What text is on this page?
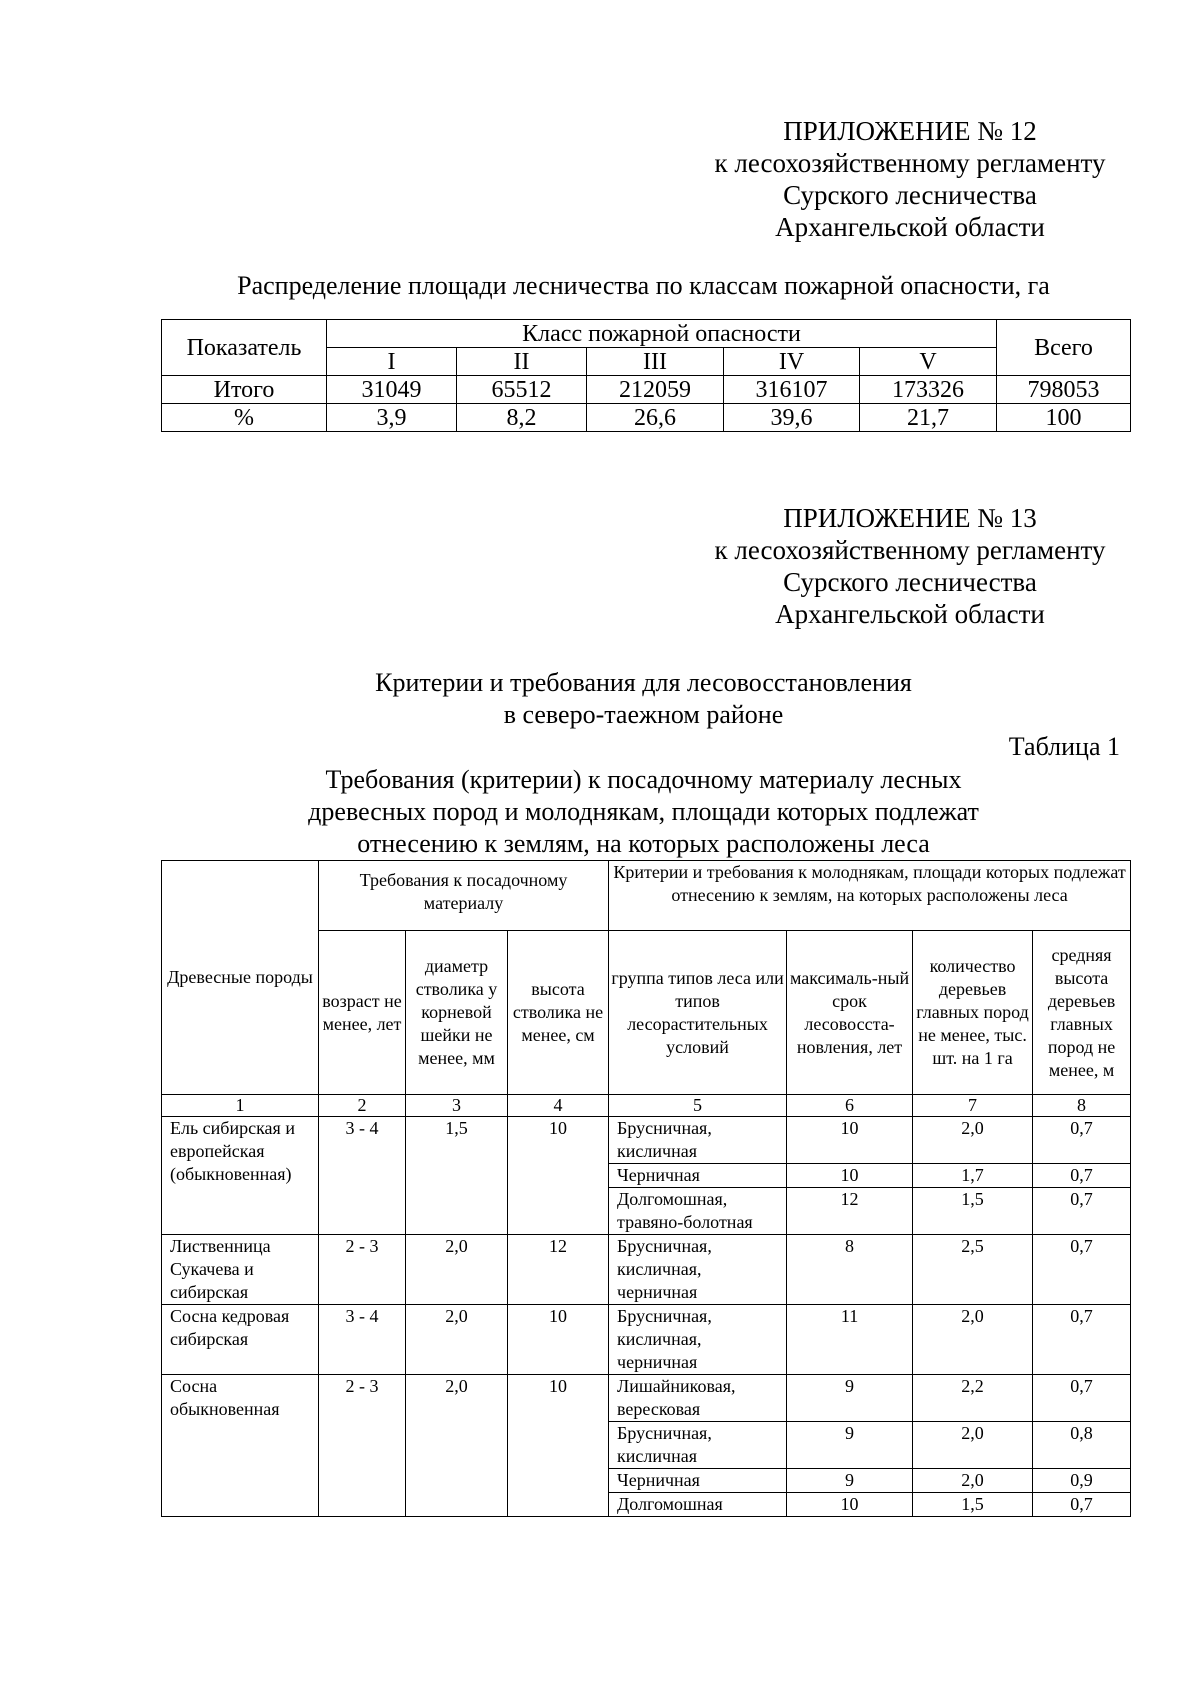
ПРИЛОЖЕНИЕ № 12
к лесохозяйственному регламенту
Сурского лесничества
Архангельской области
Распределение площади лесничества по классам пожарной опасности, га
Показатель	Класс пожарной опасности					Всего
	I	II	III	IV	V	
Итого	31049	65512	212059	316107	173326	798053
%	3,9	8,2	26,6	39,6	21,7	100
ПРИЛОЖЕНИЕ № 13
к лесохозяйственному регламенту
Сурского лесничества
Архангельской области
Критерии и требования для лесовосстановления
в северо-таежном районе
Таблица 1
Требования (критерии) к посадочному материалу лесных
древесных пород и молоднякам, площади которых подлежат
отнесению к землям, на которых расположены леса
Древесные породы	Требования к посадочному материалу			Критерии и требования к молоднякам, площади которых подлежат отнесению к землям, на которых расположены леса			
	возраст не менее, лет	диаметр стволика у корневой шейки не менее, мм	высота стволика не менее, см	группа типов леса или типов лесорастительных условий	максималь-ный срок лесовосста-новления, лет	количество деревьев главных пород не менее, тыс. шт. на 1 га	средняя высота деревьев главных пород не менее, м
1	2	3	4	5	6	7	8
Ель сибирская и европейская (обыкновенная)	3 - 4	1,5	10	Брусничная, кисличная	10	2,0	0,7
				Черничная	10	1,7	0,7
				Долгомошная, травяно-болотная	12	1,5	0,7
Лиственница Сукачева и сибирская	2 - 3	2,0	12	Брусничная, кисличная, черничная	8	2,5	0,7
Сосна кедровая сибирская	3 - 4	2,0	10	Брусничная, кисличная, черничная	11	2,0	0,7
Сосна обыкновенная	2 - 3	2,0	10	Лишайниковая, вересковая	9	2,2	0,7
				Брусничная, кисличная	9	2,0	0,8
				Черничная	9	2,0	0,9
				Долгомошная	10	1,5	0,7
